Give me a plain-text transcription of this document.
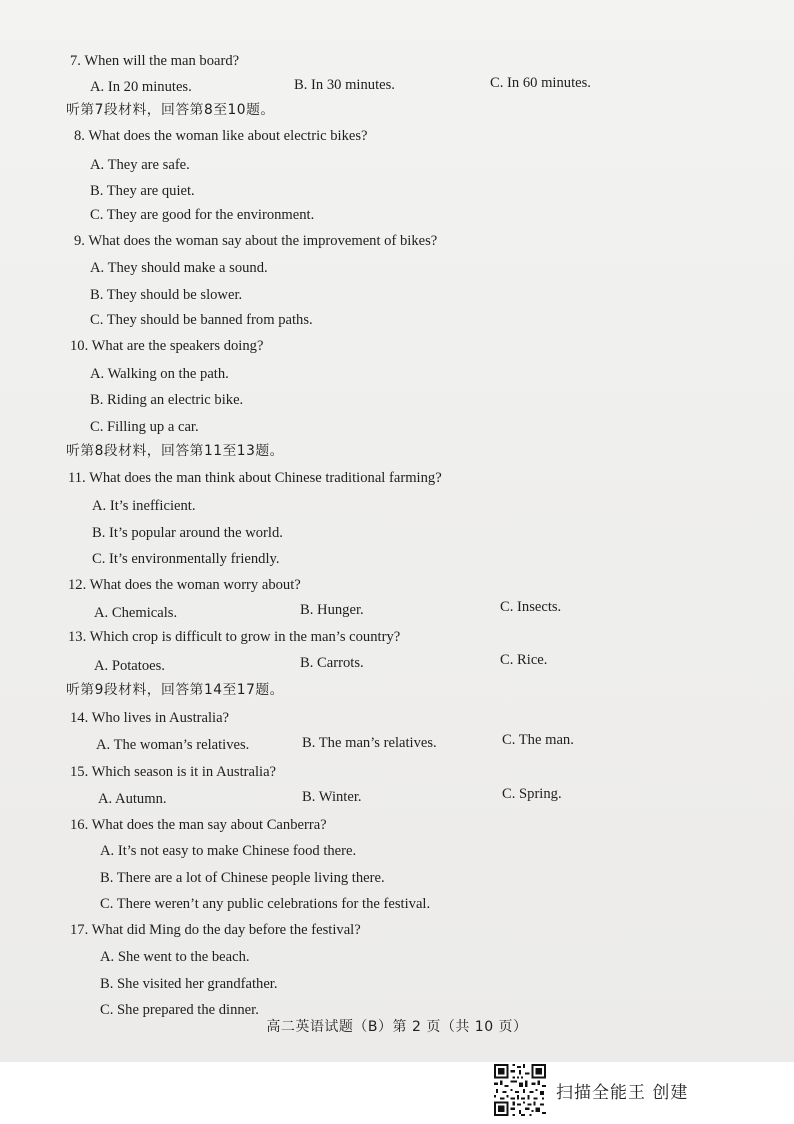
7. When will the man board?
A. In 20 minutes.	B. In 30 minutes.	C. In 60 minutes.
听第7段材料，回答第8至10题。
8. What does the woman like about electric bikes?
A. They are safe.
B. They are quiet.
C. They are good for the environment.
9. What does the woman say about the improvement of bikes?
A. They should make a sound.
B. They should be slower.
C. They should be banned from paths.
10. What are the speakers doing?
A. Walking on the path.
B. Riding an electric bike.
C. Filling up a car.
听第8段材料，回答第11至13题。
11. What does the man think about Chinese traditional farming?
A. It’s inefficient.
B. It’s popular around the world.
C. It’s environmentally friendly.
12. What does the woman worry about?
A. Chemicals.	B. Hunger.	C. Insects.
13. Which crop is difficult to grow in the man’s country?
A. Potatoes.	B. Carrots.	C. Rice.
听第9段材料，回答第14至17题。
14. Who lives in Australia?
A. The woman’s relatives.	B. The man’s relatives.	C. The man.
15. Which season is it in Australia?
A. Autumn.	B. Winter.	C. Spring.
16. What does the man say about Canberra?
A. It’s not easy to make Chinese food there.
B. There are a lot of Chinese people living there.
C. There weren’t any public celebrations for the festival.
17. What did Ming do the day before the festival?
A. She went to the beach.
B. She visited her grandfather.
C. She prepared the dinner.
高二英语试题（B）第 2 页（共 10 页）
扫描全能王 创建
